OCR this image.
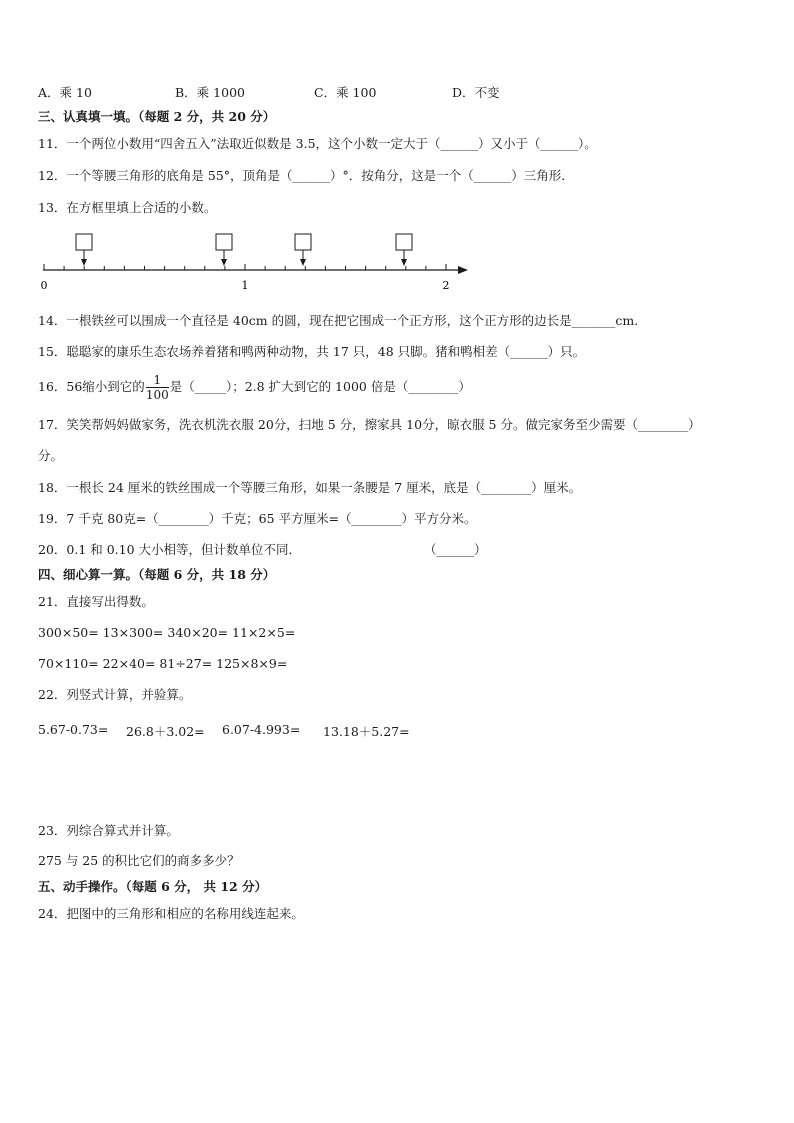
A．乘 10	B．乘 1000	C．乘 100	D．不变
三、认真填一填。（每题 2 分，共 20 分）
11．一个两位小数用“四舍五入”法取近似数是 3.5，这个小数一定大于（______）又小于（______）。
12．一个等腰三角形的底角是 55°，顶角是（______）°．按角分，这是一个（______）三角形．
13．在方框里填上合适的小数。
0	1	2
14．一根铁丝可以围成一个直径是 40cm 的圆，现在把它围成一个正方形，这个正方形的边长是_______cm.
15．聪聪家的康乐生态农场养着猪和鸭两种动物，共 17 只，48 只脚。猪和鸭相差（______）只。
16．56缩小到它的 $\frac{1}{100}$ 是（_____）；2.8 扩大到它的 1000 倍是（________）
17．笑笑帮妈妈做家务，洗衣机洗衣服 20分，扫地 5 分，擦家具 10分，晾衣服 5 分。做完家务至少需要（________）
分。
18．一根长 24 厘米的铁丝围成一个等腰三角形，如果一条腰是 7 厘米，底是（________）厘米。
19．7 千克 80克=（________）千克；65 平方厘米=（________）平方分米。
20．0.1 和 0.10 大小相等，但计数单位不同．	（______）
四、细心算一算。（每题 6 分，共 18 分）
21．直接写出得数。
300×50= 13×300= 340×20= 11×2×5=
70×110= 22×40= 81÷27= 125×8×9=
22．列竖式计算，并验算。
5.67-0.73= 26.8＋3.02= 6.07-4.993= 13.18＋5.27=
23．列综合算式并计算。
275 与 25 的积比它们的商多多少？
五、动手操作。（每题 6 分， 共 12 分）
24．把图中的三角形和相应的名称用线连起来。
